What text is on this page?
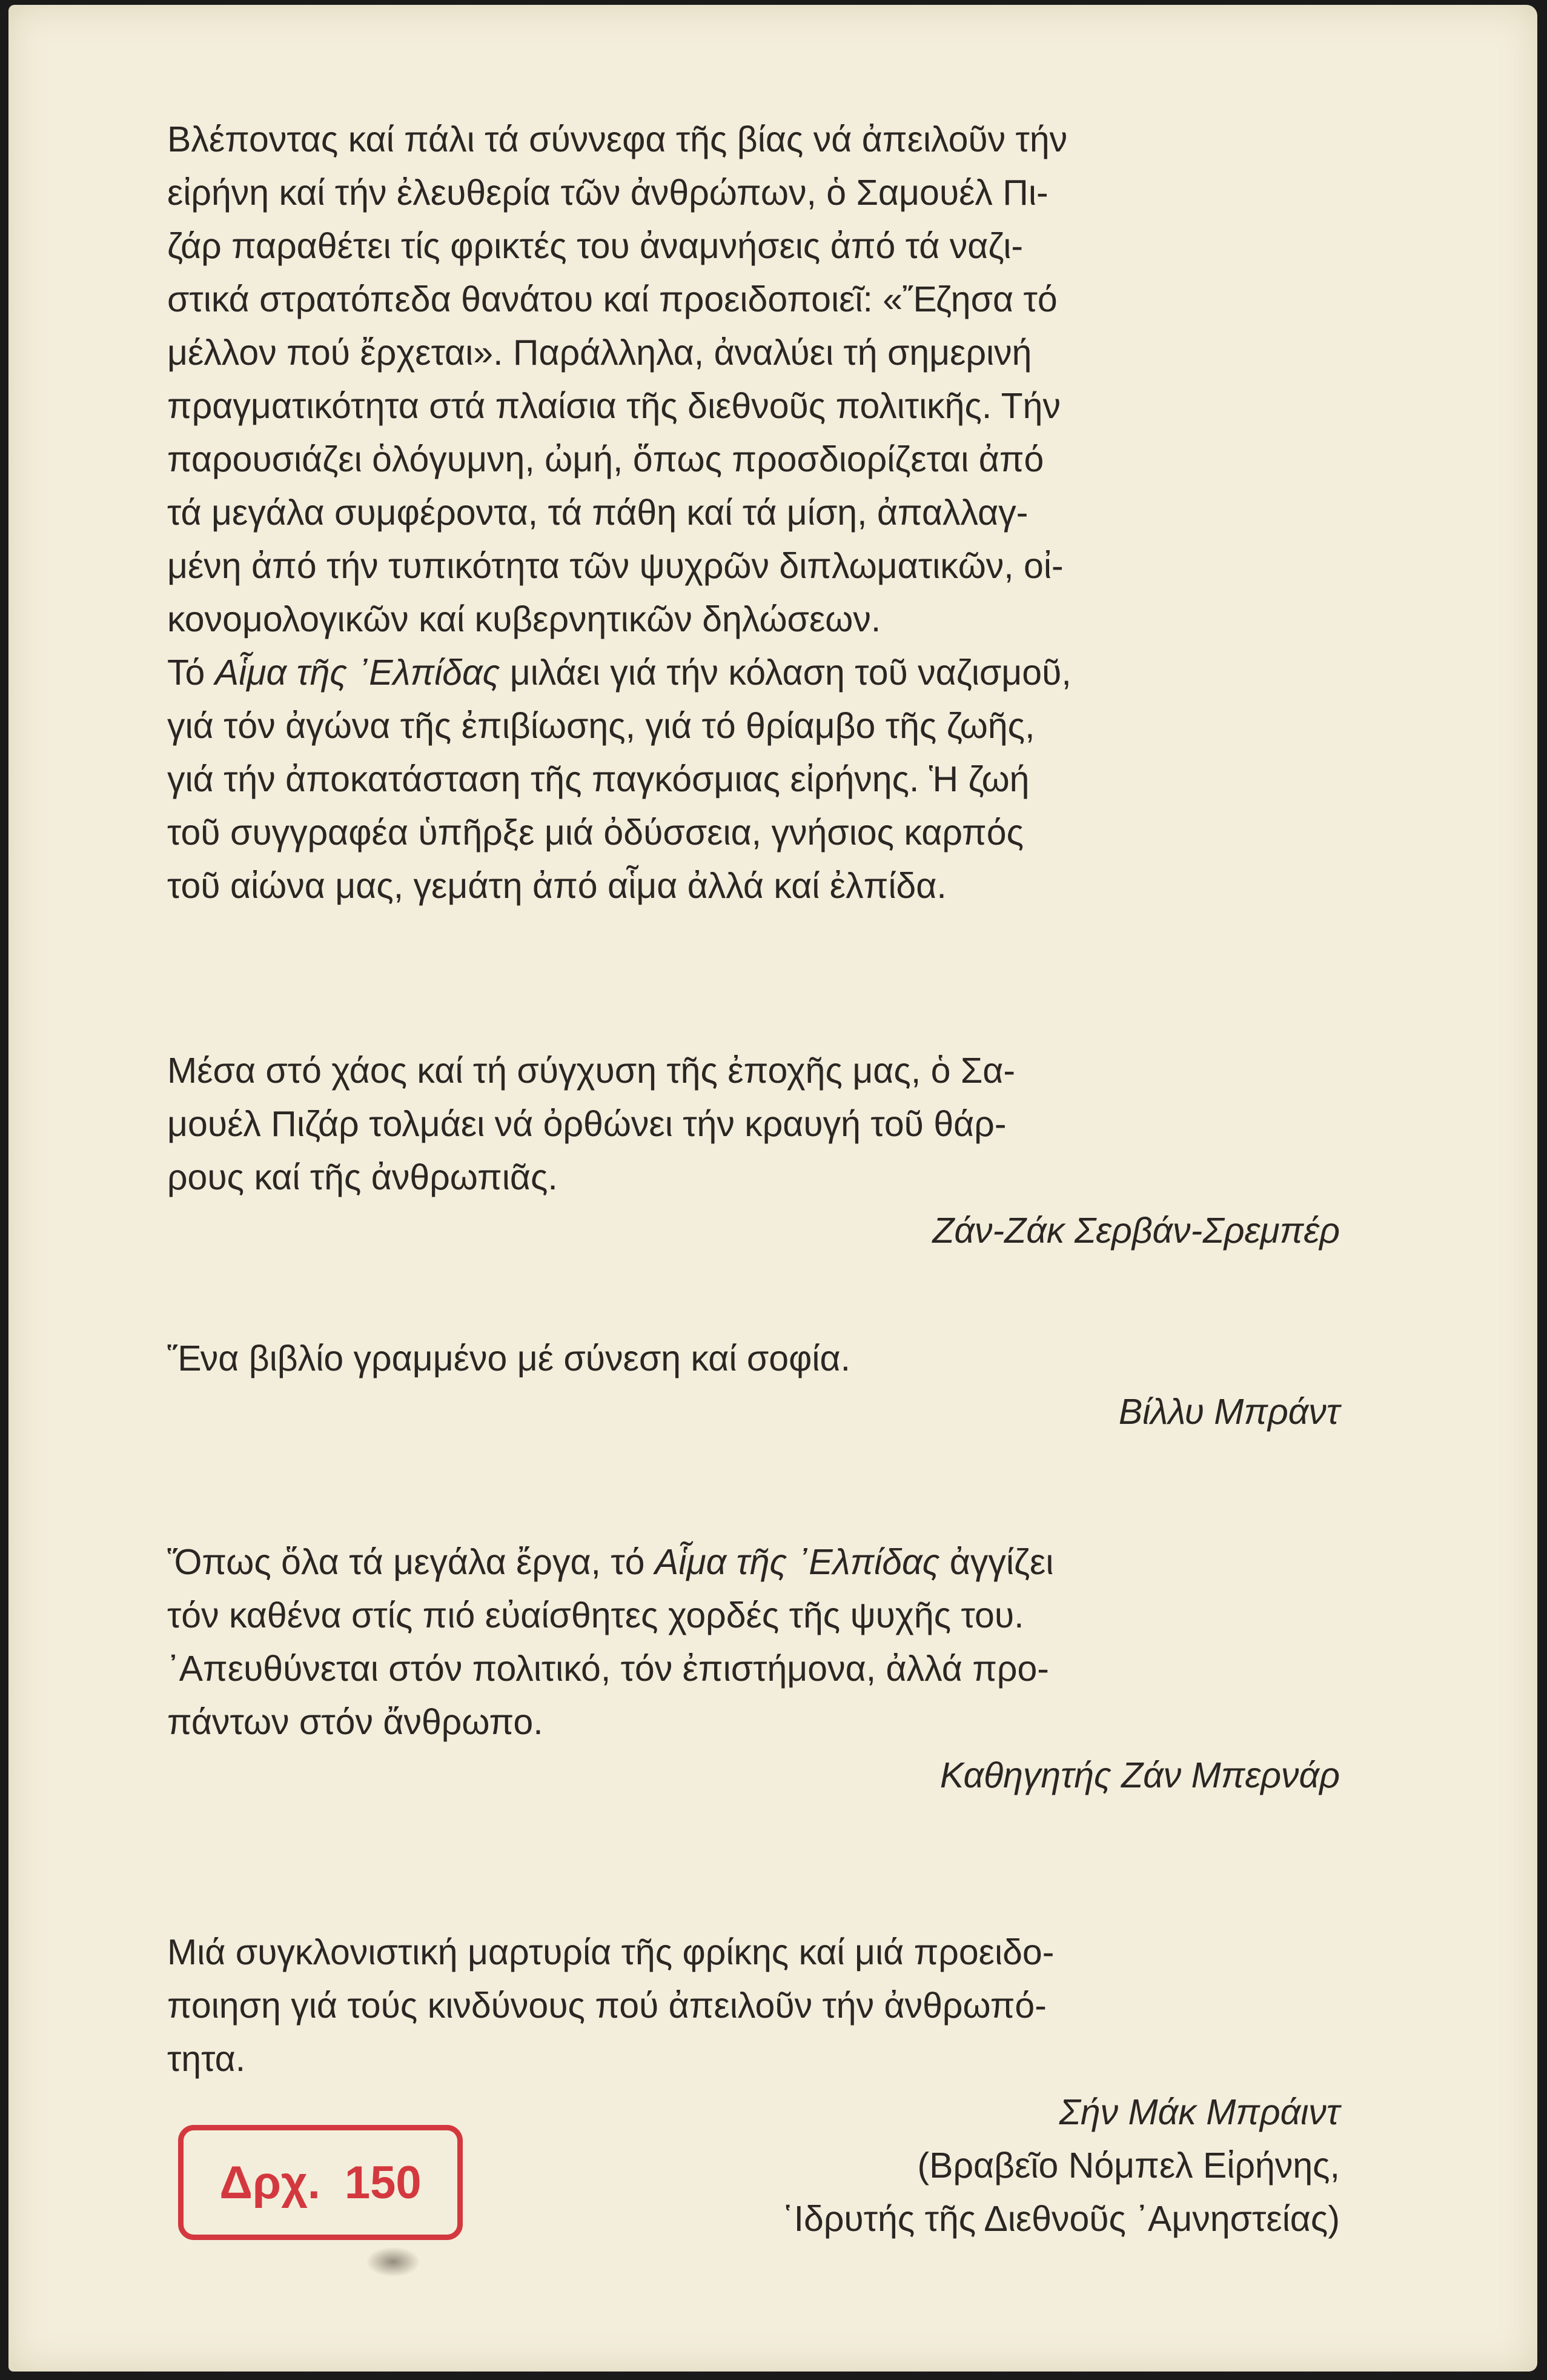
Βλέποντας καί πάλι τά σύννεφα τῆς βίας νά ἀπειλοῦν τήν
εἰρήνη καί τήν ἐλευθερία τῶν ἀνθρώπων, ὁ Σαμουέλ Πι-
ζάρ παραθέτει τίς φρικτές του ἀναμνήσεις ἀπό τά ναζι-
στικά στρατόπεδα θανάτου καί προειδοποιεῖ: «Ἔζησα τό
μέλλον πού ἔρχεται». Παράλληλα, ἀναλύει τή σημερινή
πραγματικότητα στά πλαίσια τῆς διεθνοῦς πολιτικῆς. Τήν
παρουσιάζει ὁλόγυμνη, ὠμή, ὅπως προσδιορίζεται ἀπό
τά μεγάλα συμφέροντα, τά πάθη καί τά μίση, ἀπαλλαγ-
μένη ἀπό τήν τυπικότητα τῶν ψυχρῶν διπλωματικῶν, οἰ-
κονομολογικῶν καί κυβερνητικῶν δηλώσεων.

Τό Αἷμα τῆς ᾿Ελπίδας μιλάει γιά τήν κόλαση τοῦ ναζισμοῦ,
γιά τόν ἀγώνα τῆς ἐπιβίωσης, γιά τό θρίαμβο τῆς ζωῆς,
γιά τήν ἀποκατάσταση τῆς παγκόσμιας εἰρήνης. Ἡ ζωή
τοῦ συγγραφέα ὑπῆρξε μιά ὀδύσσεια, γνήσιος καρπός
τοῦ αἰώνα μας, γεμάτη ἀπό αἷμα ἀλλά καί ἐλπίδα.

Μέσα στό χάος καί τή σύγχυση τῆς ἐποχῆς μας, ὁ Σα-
μουέλ Πιζάρ τολμάει νά ὀρθώνει τήν κραυγή τοῦ θάρ-
ρους καί τῆς ἀνθρωπιᾶς.

Ζάν-Ζάκ Σερβάν-Σρεμπέρ

Ἕνα βιβλίο γραμμένο μέ σύνεση καί σοφία.

Βίλλυ Μπράντ

Ὅπως ὅλα τά μεγάλα ἔργα, τό Αἷμα τῆς ᾿Ελπίδας ἀγγίζει
τόν καθένα στίς πιό εὐαίσθητες χορδές τῆς ψυχῆς του.
᾿Απευθύνεται στόν πολιτικό, τόν ἐπιστήμονα, ἀλλά προ-
πάντων στόν ἄνθρωπο.

Καθηγητής Ζάν Μπερνάρ

Μιά συγκλονιστική μαρτυρία τῆς φρίκης καί μιά προειδο-
ποιηση γιά τούς κινδύνους πού ἀπειλοῦν τήν ἀνθρωπό-
τητα.

Σήν Μάκ Μπράιντ

(Βραβεῖο Νόμπελ Εἰρήνης,

῾Ιδρυτής τῆς Διεθνοῦς ᾿Αμνηστείας)

Δρχ. 150
